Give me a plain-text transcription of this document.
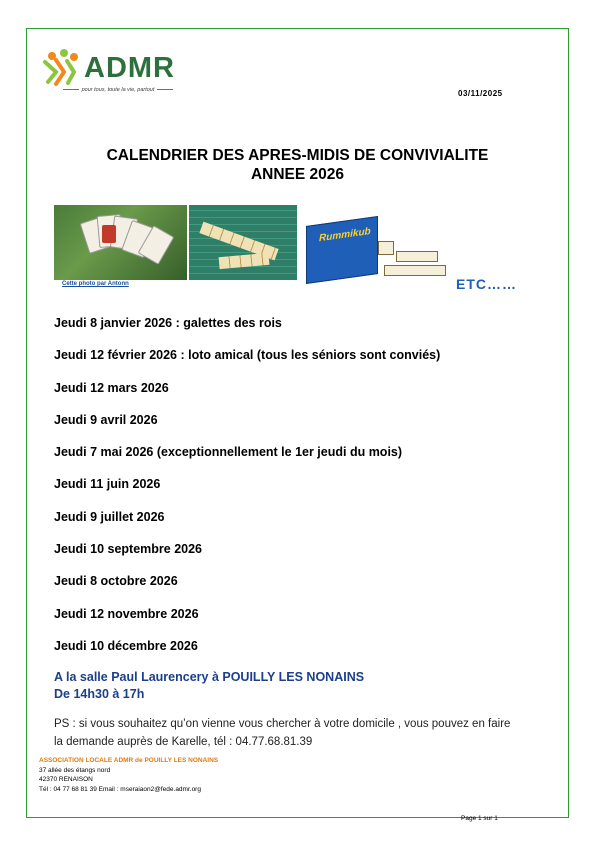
ADMR
pour tous, toute la vie, partout	03/11/2025
CALENDRIER DES APRES-MIDIS DE CONVIVIALITE
ANNEE 2026
Rummikub
Cette photo par Antonn	ETC……
Jeudi 8 janvier 2026 : galettes des rois
Jeudi 12 février 2026 : loto amical (tous les séniors sont conviés)
Jeudi 12 mars 2026
Jeudi 9 avril 2026
Jeudi 7 mai 2026 (exceptionnellement le 1er jeudi du mois)
Jeudi 11 juin 2026
Jeudi 9 juillet 2026
Jeudi 10 septembre 2026
Jeudi 8 octobre 2026
Jeudi 12 novembre 2026
Jeudi 10 décembre 2026
A la salle Paul Laurencery à POUILLY LES NONAINS
De 14h30 à 17h
PS : si vous souhaitez qu’on vienne vous chercher à votre domicile , vous pouvez en faire
la demande auprès de Karelle, tél : 04.77.68.81.39
ASSOCIATION LOCALE ADMR de POUILLY LES NONAINS
37 allée des étangs nord
42370 RENAISON
Tél : 04 77 68 81 39 Email : mseraiaon2@fede.admr.org
Page 1 sur 1
